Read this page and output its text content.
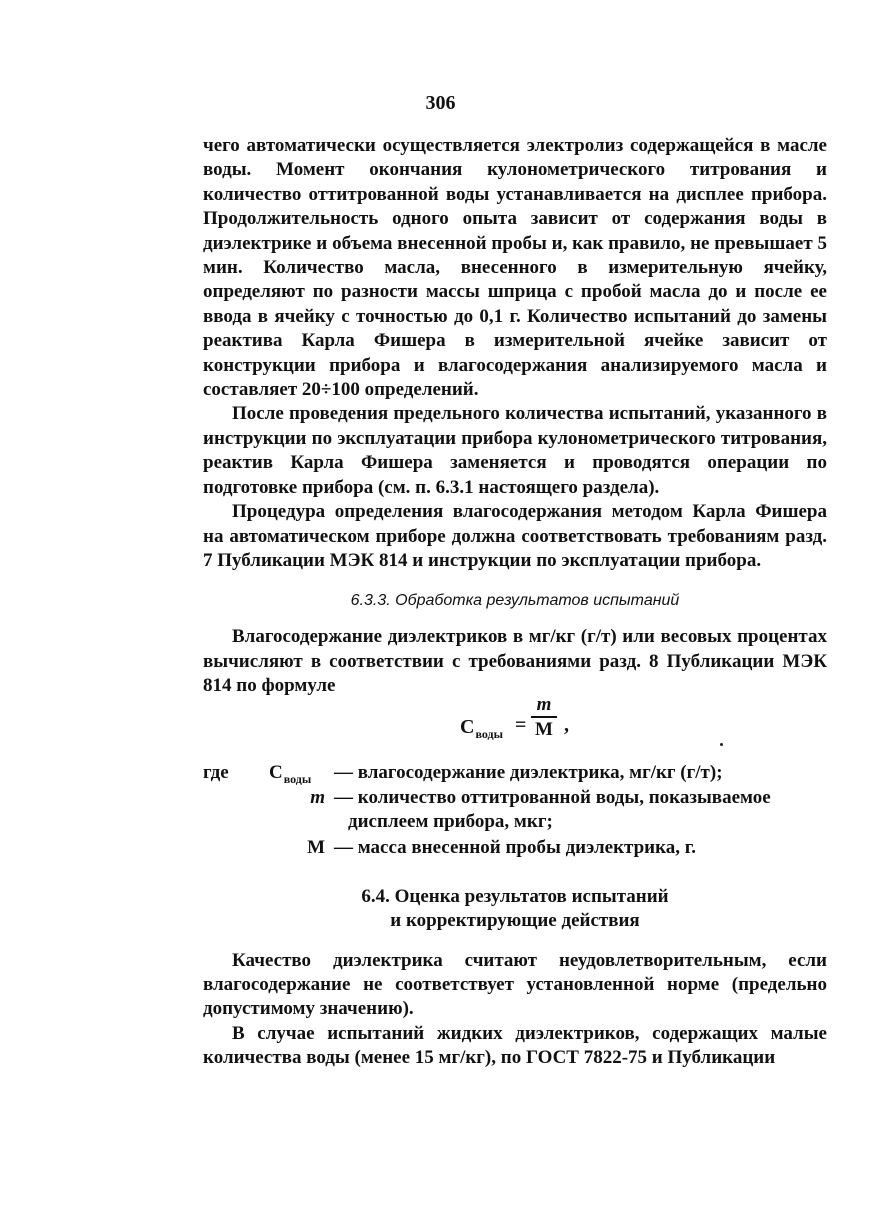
306

чего автоматически осуществляется электролиз содержащейся в масле воды. Момент окончания кулонометрического титрования и количество оттитрованной воды устанавливается на дисплее прибора. Продолжительность одного опыта зависит от содержания воды в диэлектрике и объема внесенной пробы и, как правило, не превышает 5 мин. Количество масла, внесенного в измерительную ячейку, определяют по разности массы шприца с пробой масла до и после ее ввода в ячейку с точностью до 0,1 г. Количество испытаний до замены реактива Карла Фишера в измерительной ячейке зависит от конструкции прибора и влагосодержания анализируемого масла и составляет 20÷100 определений.

После проведения предельного количества испытаний, указанного в инструкции по эксплуатации прибора кулонометрического титрования, реактив Карла Фишера заменяется и проводятся операции по подготовке прибора (см. п. 6.3.1 настоящего раздела).

Процедура определения влагосодержания методом Карла Фишера на автоматическом приборе должна соответствовать требованиям разд. 7 Публикации МЭК 814 и инструкции по эксплуатации прибора.

6.3.3. Обработка результатов испытаний

Влагосодержание диэлектриков в мг/кг (г/т) или весовых процентах вычисляют в соответствии с требованиями разд. 8 Публикации МЭК 814 по формуле

$C_{воды}$ =
m
M ,
где $C_{воды}$ — влагосодержание диэлектрика, мг/кг (г/т);
m — количество оттитрованной воды, показываемое
дисплеем прибора, мкг;
M — масса внесенной пробы диэлектрика, г.
6.4. Оценка результатов испытаний
и корректирующие действия

Качество диэлектрика считают неудовлетворительным, если влагосодержание не соответствует установленной норме (предельно допустимому значению).

В случае испытаний жидких диэлектриков, содержащих малые количества воды (менее 15 мг/кг), по ГОСТ 7822-75 и Публикации
